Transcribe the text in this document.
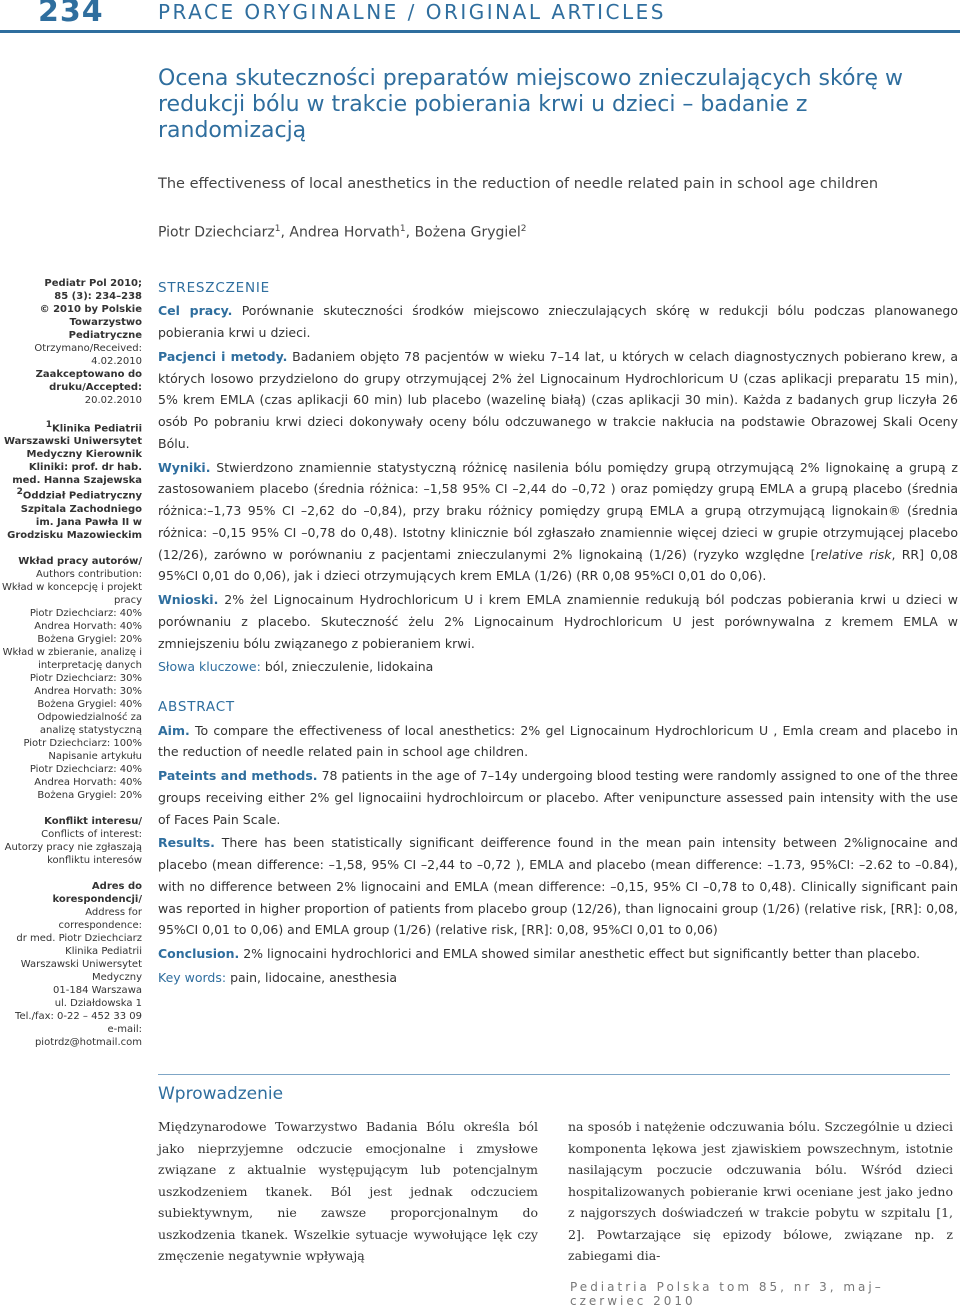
234	PRACE ORYGINALNE / ORIGINAL ARTICLES
Ocena skuteczności preparatów miejscowo znieczulających skórę w redukcji bólu w trakcie pobierania krwi u dzieci – badanie z randomizacją
The effectiveness of local anesthetics in the reduction of needle related pain in school age children
Piotr Dziechciarz$^1$, Andrea Horvath$^1$, Bożena Grygiel$^2$

Pediatr Pol 2010;

85 (3): 234–238

© 2010 by Polskie Towarzystwo Pediatryczne

Otrzymano/Received:

4.02.2010

Zaakceptowano do druku/Accepted:

20.02.2010

$^1$Klinika Pediatrii Warszawski Uniwersytet Medyczny Kierownik Kliniki: prof. dr hab. med. Hanna Szajewska

$^2$Oddział Pediatryczny Szpitala Zachodniego im. Jana Pawła II w Grodzisku Mazowieckim

Wkład pracy autorów/

Authors contribution:

Wkład w koncepcję i projekt pracy

Piotr Dziechciarz: 40%

Andrea Horvath: 40%

Bożena Grygiel: 20%

Wkład w zbieranie, analizę i interpretację danych

Piotr Dziechciarz: 30%

Andrea Horvath: 30%

Bożena Grygiel: 40%

Odpowiedzialność za analizę statystyczną

Piotr Dziechciarz: 100%

Napisanie artykułu

Piotr Dziechciarz: 40%

Andrea Horvath: 40%

Bożena Grygiel: 20%

Konflikt interesu/

Conflicts of interest:

Autorzy pracy nie zgłaszają konfliktu interesów

Adres do korespondencji/

Address for correspondence:

dr med. Piotr Dziechciarz

Klinika Pediatrii

Warszawski Uniwersytet Medyczny

01-184 Warszawa

ul. Działdowska 1

Tel./fax: 0-22 – 452 33 09

e-mail: piotrdz@hotmail.com

STRESZCZENIE

Cel pracy. Porównanie skuteczności środków miejscowo znieczulających skórę w redukcji bólu podczas planowanego pobierania krwi u dzieci.

Pacjenci i metody. Badaniem objęto 78 pacjentów w wieku 7–14 lat, u których w celach diagnostycznych pobierano krew, a których losowo przydzielono do grupy otrzymującej 2% żel Lignocainum Hydrochloricum U (czas aplikacji preparatu 15 min), 5% krem EMLA (czas aplikacji 60 min) lub placebo (wazelinę białą) (czas aplikacji 30 min). Każda z badanych grup liczyła 26 osób Po pobraniu krwi dzieci dokonywały oceny bólu odczuwanego w trakcie nakłucia na podstawie Obrazowej Skali Oceny Bólu.

Wyniki. Stwierdzono znamiennie statystyczną różnicę nasilenia bólu pomiędzy grupą otrzymującą 2% lignokainę a grupą z zastosowaniem placebo (średnia różnica: –1,58 95% CI –2,44 do –0,72 ) oraz pomiędzy grupą EMLA a grupą placebo (średnia różnica:–1,73 95% CI –2,62 do –0,84), przy braku różnicy pomiędzy grupą EMLA a grupą otrzymującą lignokain® (średnia różnica: –0,15 95% CI –0,78 do 0,48). Istotny klinicznie ból zgłaszało znamiennie więcej dzieci w grupie otrzymującej placebo (12/26), zarówno w porównaniu z pacjentami znieczulanymi 2% lignokainą (1/26) (ryzyko względne [relative risk, RR] 0,08 95%CI 0,01 do 0,06), jak i dzieci otrzymujących krem EMLA (1/26) (RR 0,08 95%CI 0,01 do 0,06).

Wnioski. 2% żel Lignocainum Hydrochloricum U i krem EMLA znamiennie redukują ból podczas pobierania krwi u dzieci w porównaniu z placebo. Skuteczność żelu 2% Lignocainum Hydrochloricum U jest porównywalna z kremem EMLA w zmniejszeniu bólu związanego z pobieraniem krwi.

Słowa kluczowe: ból, znieczulenie, lidokaina

ABSTRACT

Aim. To compare the effectiveness of local anesthetics: 2% gel Lignocainum Hydrochloricum U , Emla cream and placebo in the reduction of needle related pain in school age children.

Pateints and methods. 78 patients in the age of 7–14y undergoing blood testing were randomly assigned to one of the three groups receiving either 2% gel lignocaiini hydrochloircum or placebo. After venipuncture assessed pain intensity with the use of Faces Pain Scale.

Results. There has been statistically significant deifference found in the mean pain intensity between 2%lignocaine and placebo (mean difference: –1,58, 95% CI –2,44 to –0,72 ), EMLA and placebo (mean difference: –1.73, 95%CI: –2.62 to –0.84), with no difference between 2% lignocaini and EMLA (mean difference: –0,15, 95% CI –0,78 to 0,48). Clinically significant pain was reported in higher proportion of patients from placebo group (12/26), than lignocaini group (1/26) (relative risk, [RR]: 0,08, 95%CI 0,01 to 0,06) and EMLA group (1/26) (relative risk, [RR]: 0,08, 95%CI 0,01 to 0,06)

Conclusion. 2% lignocaini hydrochlorici and EMLA showed similar anesthetic effect but significantly better than placebo.

Key words: pain, lidocaine, anesthesia

Wprowadzenie
Międzynarodowe Towarzystwo Badania Bólu określa ból jako nieprzyjemne odczucie emocjonalne i zmysłowe związane z aktualnie występującym lub potencjalnym uszkodzeniem tkanek. Ból jest jednak odczuciem subiektywnym, nie zawsze proporcjonalnym do uszkodzenia tkanek. Wszelkie sytuacje wywołujące lęk czy zmęczenie negatywnie wpływają
na sposób i natężenie odczuwania bólu. Szczególnie u dzieci komponenta lękowa jest zjawiskiem powszechnym, istotnie nasilającym poczucie odczuwania bólu. Wśród dzieci hospitalizowanych pobieranie krwi oceniane jest jako jedno z najgorszych doświadczeń w trakcie pobytu w szpitalu [1, 2]. Powtarzające się epizody bólowe, związane np. z zabiegami dia-
Pediatria Polska tom 85, nr 3, maj–czerwiec 2010
